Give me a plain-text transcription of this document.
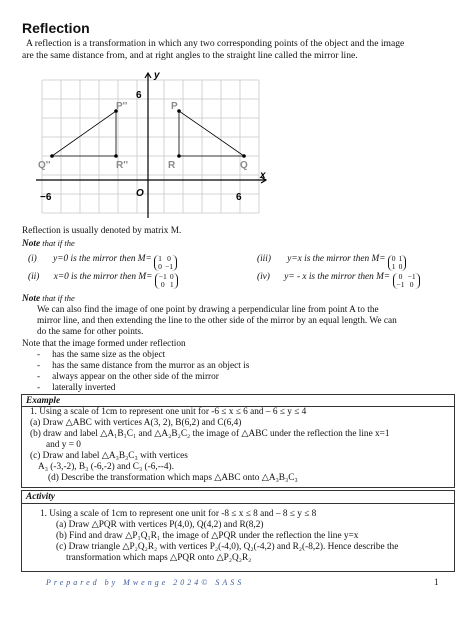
Reflection
A reflection is a transformation in which any two corresponding points of the object and the image
are the same distance from, and at right angles to the straight line called the mirror line.
y
x
O
6
−6	6
P''
Q''	R''
P
R	Q
Reflection is usually denoted by matrix M.
Note that if the
(i) y=0 is the mirror then M= 1 0
0 −1
(iii) y=x is the mirror then M= 0 1
1 0
(ii) x=0 is the mirror then M= −1 0
0 1
(iv) y= - x is the mirror then M= 0 −1
−1 0
Note that if the
We can also find the image of one point by drawing a perpendicular line from point A to the
mirror line, and then extending the line to the other side of the mirror by an equal length. We can
do the same for other points.
Note that the image formed under reflection
- has the same size as the object
- has the same distance from the murror as an object is
- always appear on the other side of the mirror
- laterally inverted
Example
1. Using a scale of 1cm to represent one unit for -6 ≤ x ≤ 6 and – 6 ≤ y ≤ 4
(a) Draw △ABC with vertices A(3, 2), B(6,2) and C(6,4)
(b) draw and label △A₁B₁C₁ and △A₂B₂C₂ the image of △ABC under the reflection the line x=1
and y = 0
(c) Draw and label △A₃B₃C₃ with vertices
A₃ (-3,-2), B₃ (-6,-2) and C₃ (-6,--4).
(d) Describe the transformation which maps △ABC onto △A₃B₃C₃
Activity
1. Using a scale of 1cm to represent one unit for -8 ≤ x ≤ 8 and – 8 ≤ y ≤ 8
(a) Draw △PQR with vertices P(4,0), Q(4,2) and R(8,2)
(b) Find and draw △P₁Q₁R₁ the image of △PQR under the reflection the line y=x
(c) Draw triangle △P₂Q₂R₂ with vertices P₂(-4,0), Q₂(-4,2) and R₂(-8,2). Hence describe the
transformation which maps △PQR onto △P₂Q₂R₂
Prepared by Mwenge 2024© SASS	1
